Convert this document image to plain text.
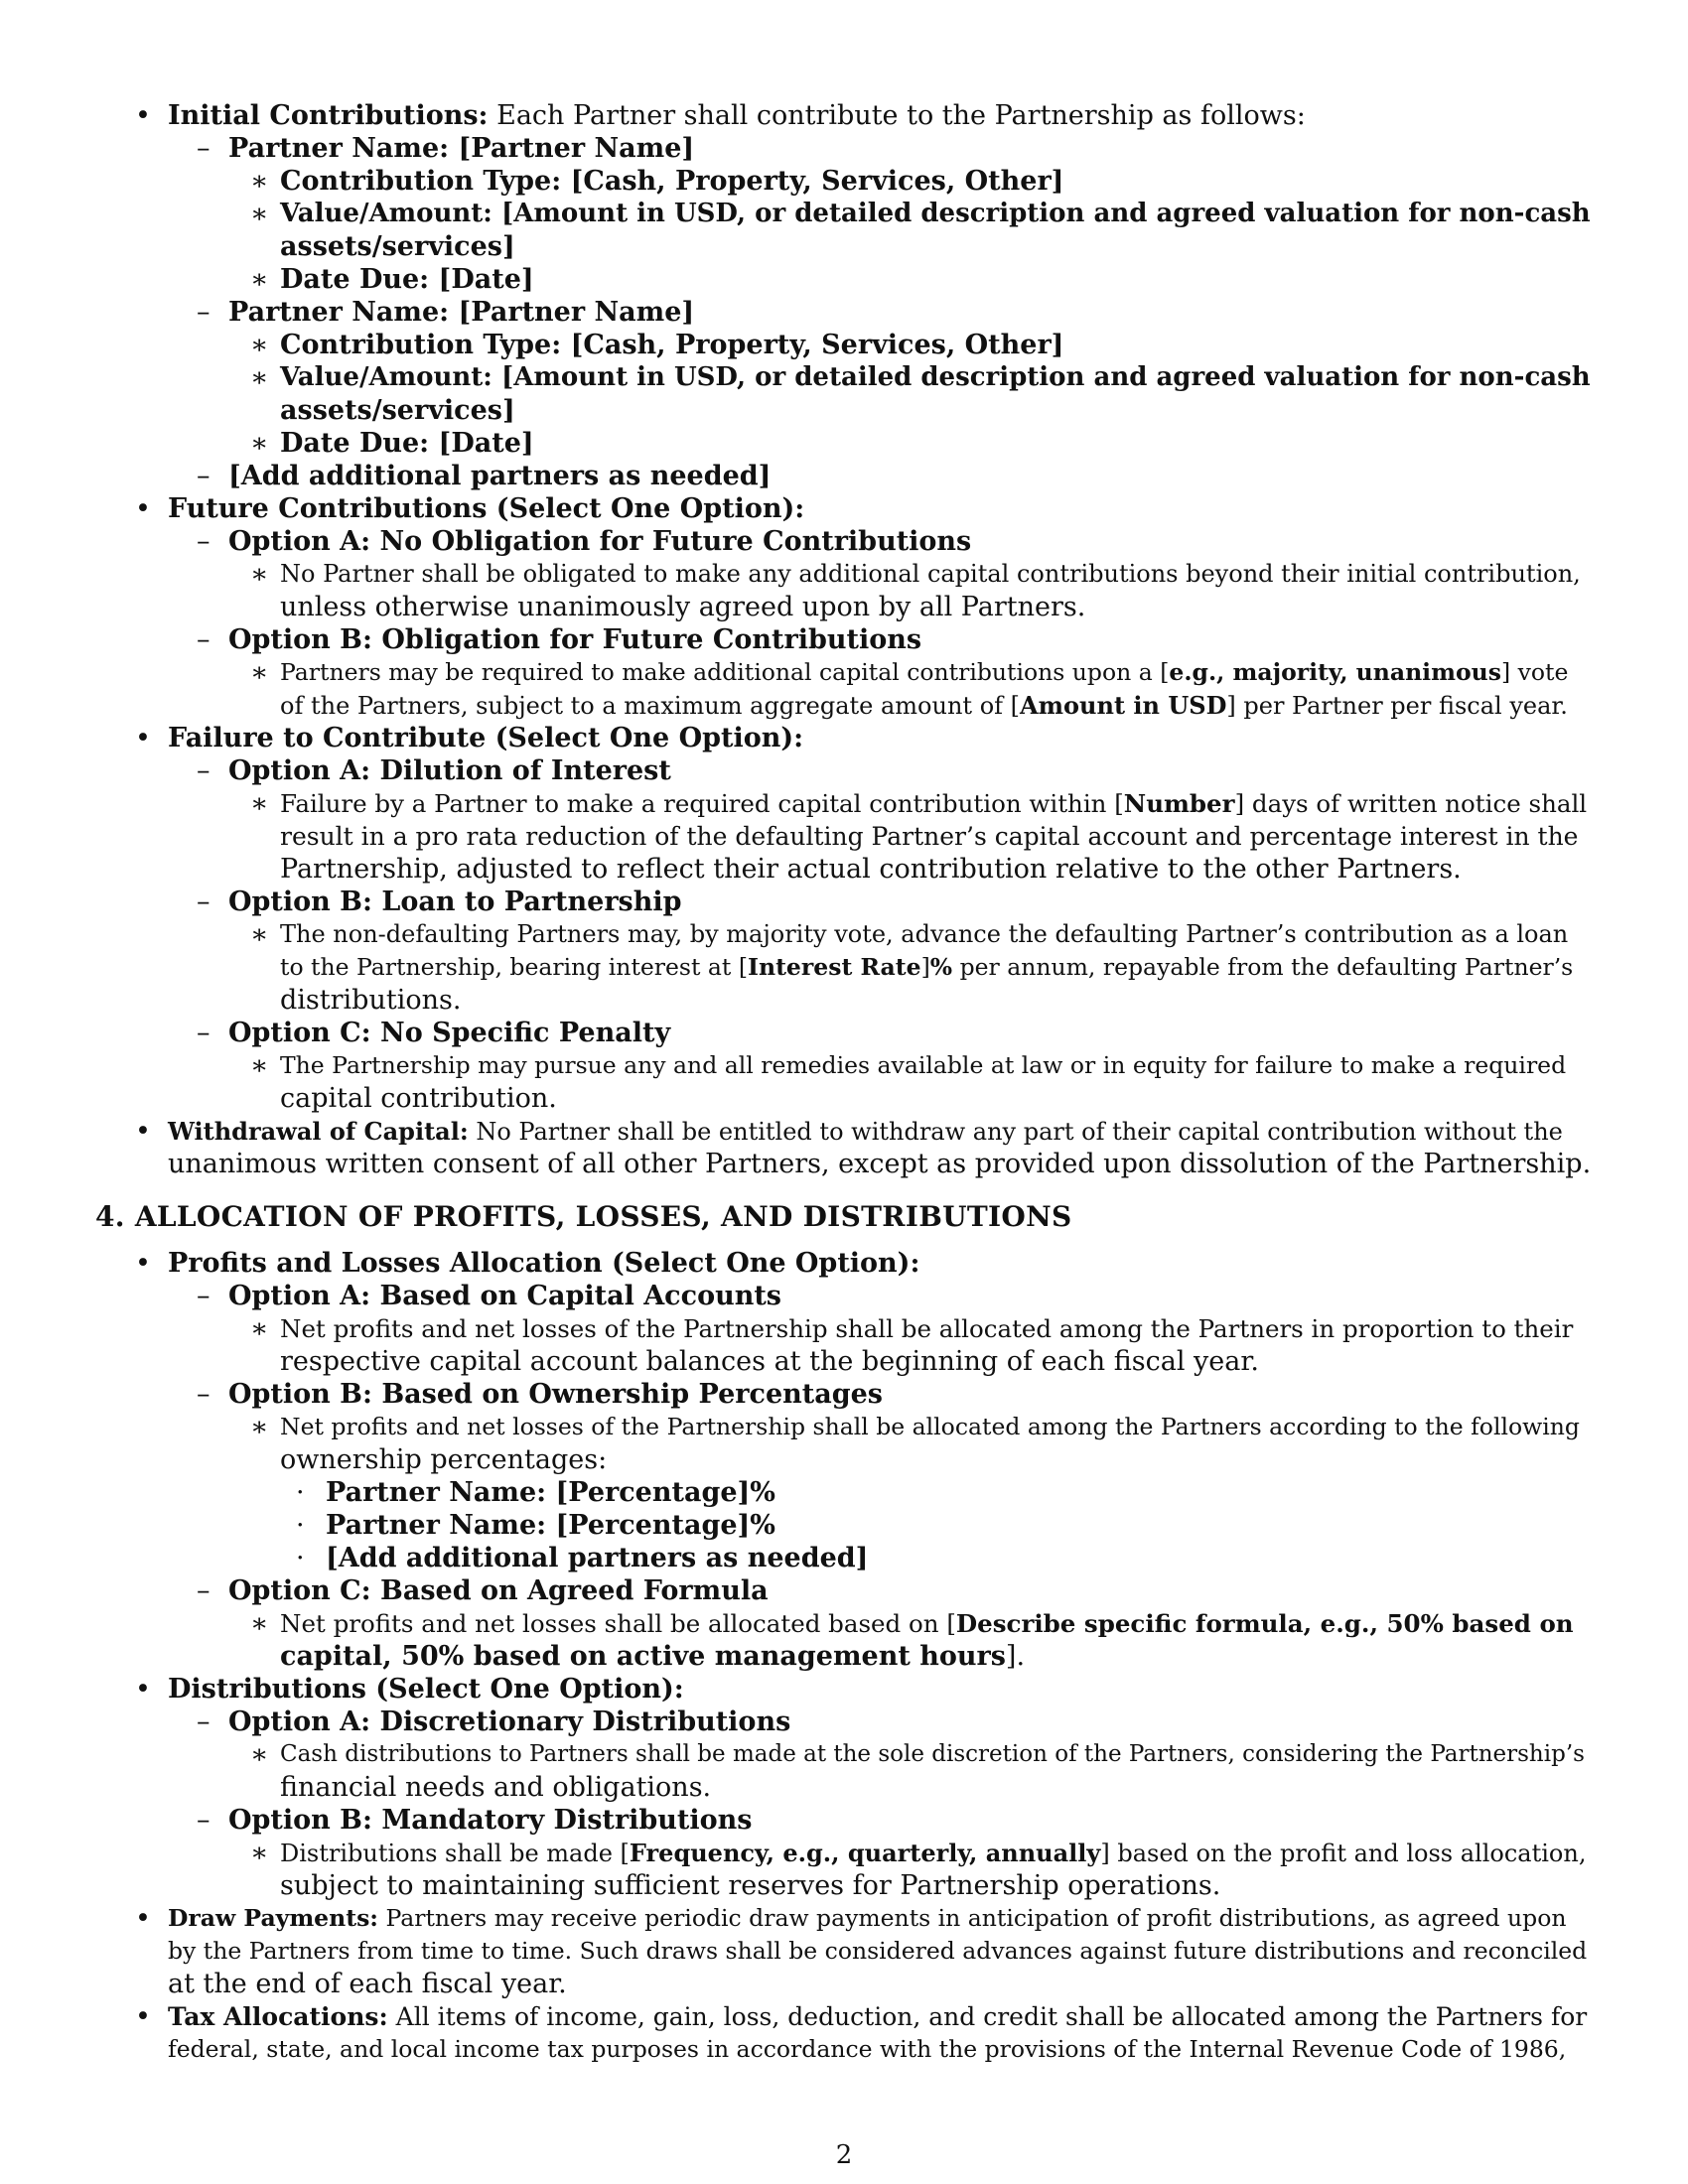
•
–
∗
∗
∗
–
∗
∗
∗
–
•
–
∗
–
∗
•
–
∗
–
∗
–
∗
•
•
–
∗
–
∗
·
·
·
–
∗
•
–
∗
–
∗
•
•
Initial Contributions: Each Partner shall contribute to the Partnership as follows:
Partner Name: [Partner Name]
Contribution Type: [Cash, Property, Services, Other]
Value/Amount: [Amount in USD, or detailed description and agreed valuation for non-cash
assets/services]
Date Due: [Date]
Partner Name: [Partner Name]
Contribution Type: [Cash, Property, Services, Other]
Value/Amount: [Amount in USD, or detailed description and agreed valuation for non-cash
assets/services]
Date Due: [Date]
[Add additional partners as needed]
Future Contributions (Select One Option):
Option A: No Obligation for Future Contributions
No Partner shall be obligated to make any additional capital contributions beyond their initial contribution,
unless otherwise unanimously agreed upon by all Partners.
Option B: Obligation for Future Contributions
Partners may be required to make additional capital contributions upon a [e.g., majority, unanimous] vote
of the Partners, subject to a maximum aggregate amount of [Amount in USD] per Partner per fiscal year.
Failure to Contribute (Select One Option):
Option A: Dilution of Interest
Failure by a Partner to make a required capital contribution within [Number] days of written notice shall
result in a pro rata reduction of the defaulting Partner’s capital account and percentage interest in the
Partnership, adjusted to reflect their actual contribution relative to the other Partners.
Option B: Loan to Partnership
The non-defaulting Partners may, by majority vote, advance the defaulting Partner’s contribution as a loan
to the Partnership, bearing interest at [Interest Rate]% per annum, repayable from the defaulting Partner’s
distributions.
Option C: No Specific Penalty
The Partnership may pursue any and all remedies available at law or in equity for failure to make a required
capital contribution.
Withdrawal of Capital: No Partner shall be entitled to withdraw any part of their capital contribution without the
unanimous written consent of all other Partners, except as provided upon dissolution of the Partnership.
4. ALLOCATION OF PROFITS, LOSSES, AND DISTRIBUTIONS
Profits and Losses Allocation (Select One Option):
Option A: Based on Capital Accounts
Net profits and net losses of the Partnership shall be allocated among the Partners in proportion to their
respective capital account balances at the beginning of each fiscal year.
Option B: Based on Ownership Percentages
Net profits and net losses of the Partnership shall be allocated among the Partners according to the following
ownership percentages:
Partner Name: [Percentage]%
Partner Name: [Percentage]%
[Add additional partners as needed]
Option C: Based on Agreed Formula
Net profits and net losses shall be allocated based on [Describe specific formula, e.g., 50% based on
capital, 50% based on active management hours].
Distributions (Select One Option):
Option A: Discretionary Distributions
Cash distributions to Partners shall be made at the sole discretion of the Partners, considering the Partnership’s
financial needs and obligations.
Option B: Mandatory Distributions
Distributions shall be made [Frequency, e.g., quarterly, annually] based on the profit and loss allocation,
subject to maintaining sufficient reserves for Partnership operations.
Draw Payments: Partners may receive periodic draw payments in anticipation of profit distributions, as agreed upon
by the Partners from time to time. Such draws shall be considered advances against future distributions and reconciled
at the end of each fiscal year.
Tax Allocations: All items of income, gain, loss, deduction, and credit shall be allocated among the Partners for
federal, state, and local income tax purposes in accordance with the provisions of the Internal Revenue Code of 1986,
2
